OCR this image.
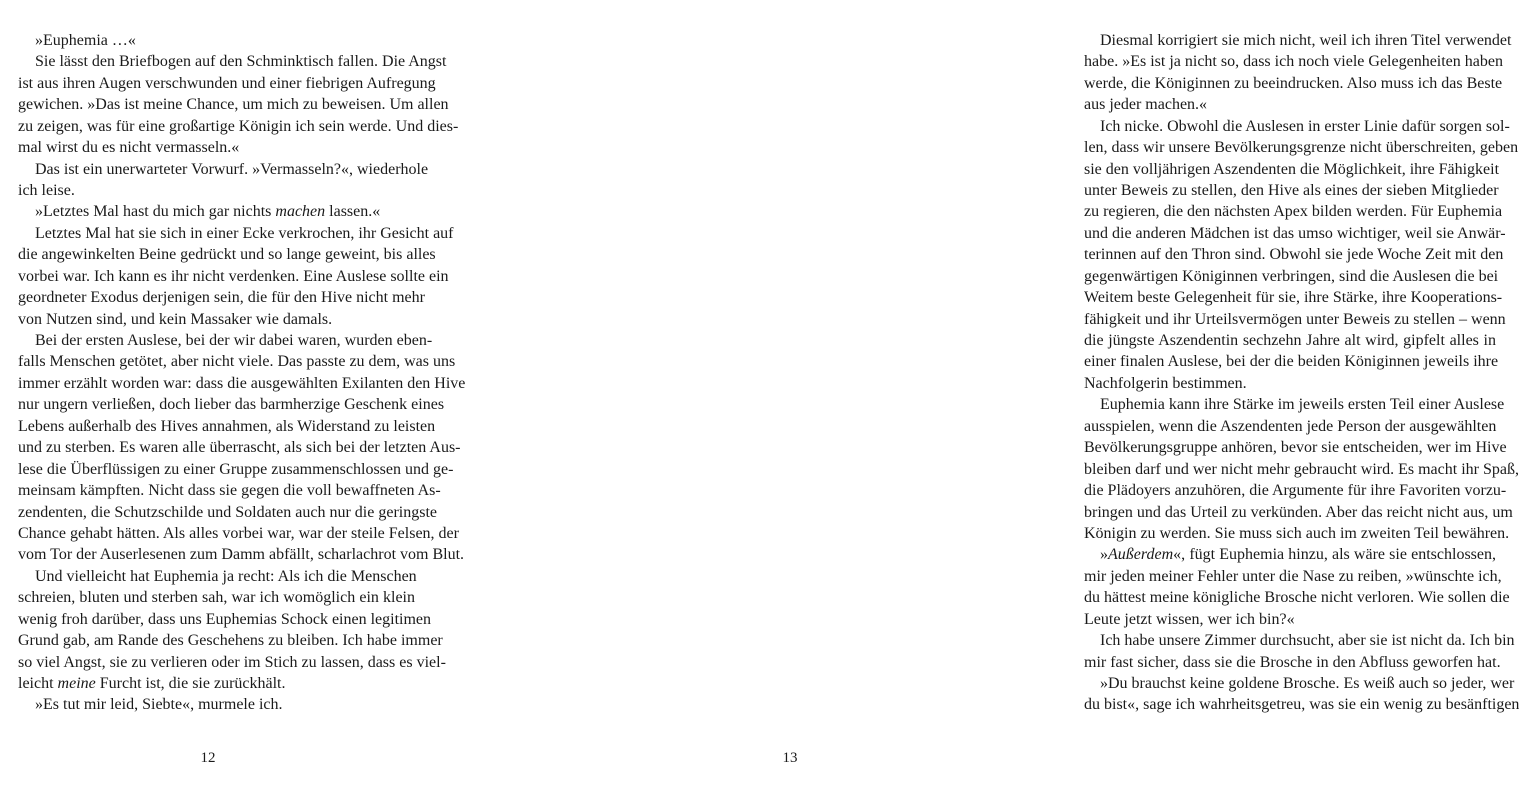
»Euphemia …«
Sie lässt den Briefbogen auf den Schminktisch fallen. Die Angst
ist aus ihren Augen verschwunden und einer fiebrigen Aufregung
gewichen. »Das ist meine Chance, um mich zu beweisen. Um allen
zu zeigen, was für eine großartige Königin ich sein werde. Und dies-
mal wirst du es nicht vermasseln.«
Das ist ein unerwarteter Vorwurf. »Vermasseln?«, wiederhole
ich leise.
»Letztes Mal hast du mich gar nichts machen lassen.«
Letztes Mal hat sie sich in einer Ecke verkrochen, ihr Gesicht auf
die angewinkelten Beine gedrückt und so lange geweint, bis alles
vorbei war. Ich kann es ihr nicht verdenken. Eine Auslese sollte ein
geordneter Exodus derjenigen sein, die für den Hive nicht mehr
von Nutzen sind, und kein Massaker wie damals.
Bei der ersten Auslese, bei der wir dabei waren, wurden eben-
falls Menschen getötet, aber nicht viele. Das passte zu dem, was uns
immer erzählt worden war: dass die ausgewählten Exilanten den Hive
nur ungern verließen, doch lieber das barmherzige Geschenk eines
Lebens außerhalb des Hives annahmen, als Widerstand zu leisten
und zu sterben. Es waren alle überrascht, als sich bei der letzten Aus-
lese die Überflüssigen zu einer Gruppe zusammenschlossen und ge-
meinsam kämpften. Nicht dass sie gegen die voll bewaffneten As-
zendenten, die Schutzschilde und Soldaten auch nur die geringste
Chance gehabt hätten. Als alles vorbei war, war der steile Felsen, der
vom Tor der Auserlesenen zum Damm abfällt, scharlachrot vom Blut.
Und vielleicht hat Euphemia ja recht: Als ich die Menschen
schreien, bluten und sterben sah, war ich womöglich ein klein
wenig froh darüber, dass uns Euphemias Schock einen legitimen
Grund gab, am Rande des Geschehens zu bleiben. Ich habe immer
so viel Angst, sie zu verlieren oder im Stich zu lassen, dass es viel-
leicht meine Furcht ist, die sie zurückhält.
»Es tut mir leid, Siebte«, murmele ich.
Diesmal korrigiert sie mich nicht, weil ich ihren Titel verwendet
habe. »Es ist ja nicht so, dass ich noch viele Gelegenheiten haben
werde, die Königinnen zu beeindrucken. Also muss ich das Beste
aus jeder machen.«
Ich nicke. Obwohl die Auslesen in erster Linie dafür sorgen sol-
len, dass wir unsere Bevölkerungsgrenze nicht überschreiten, geben
sie den volljährigen Aszendenten die Möglichkeit, ihre Fähigkeit
unter Beweis zu stellen, den Hive als eines der sieben Mitglieder
zu regieren, die den nächsten Apex bilden werden. Für Euphemia
und die anderen Mädchen ist das umso wichtiger, weil sie Anwär-
terinnen auf den Thron sind. Obwohl sie jede Woche Zeit mit den
gegenwärtigen Königinnen verbringen, sind die Auslesen die bei
Weitem beste Gelegenheit für sie, ihre Stärke, ihre Kooperations-
fähigkeit und ihr Urteilsvermögen unter Beweis zu stellen – wenn
die jüngste Aszendentin sechzehn Jahre alt wird, gipfelt alles in
einer finalen Auslese, bei der die beiden Königinnen jeweils ihre
Nachfolgerin bestimmen.
Euphemia kann ihre Stärke im jeweils ersten Teil einer Auslese
ausspielen, wenn die Aszendenten jede Person der ausgewählten
Bevölkerungsgruppe anhören, bevor sie entscheiden, wer im Hive
bleiben darf und wer nicht mehr gebraucht wird. Es macht ihr Spaß,
die Plädoyers anzuhören, die Argumente für ihre Favoriten vorzu-
bringen und das Urteil zu verkünden. Aber das reicht nicht aus, um
Königin zu werden. Sie muss sich auch im zweiten Teil bewähren.
»Außerdem«, fügt Euphemia hinzu, als wäre sie entschlossen,
mir jeden meiner Fehler unter die Nase zu reiben, »wünschte ich,
du hättest meine königliche Brosche nicht verloren. Wie sollen die
Leute jetzt wissen, wer ich bin?«
Ich habe unsere Zimmer durchsucht, aber sie ist nicht da. Ich bin
mir fast sicher, dass sie die Brosche in den Abfluss geworfen hat.
»Du brauchst keine goldene Brosche. Es weiß auch so jeder, wer
du bist«, sage ich wahrheitsgetreu, was sie ein wenig zu besänftigen
12	13
